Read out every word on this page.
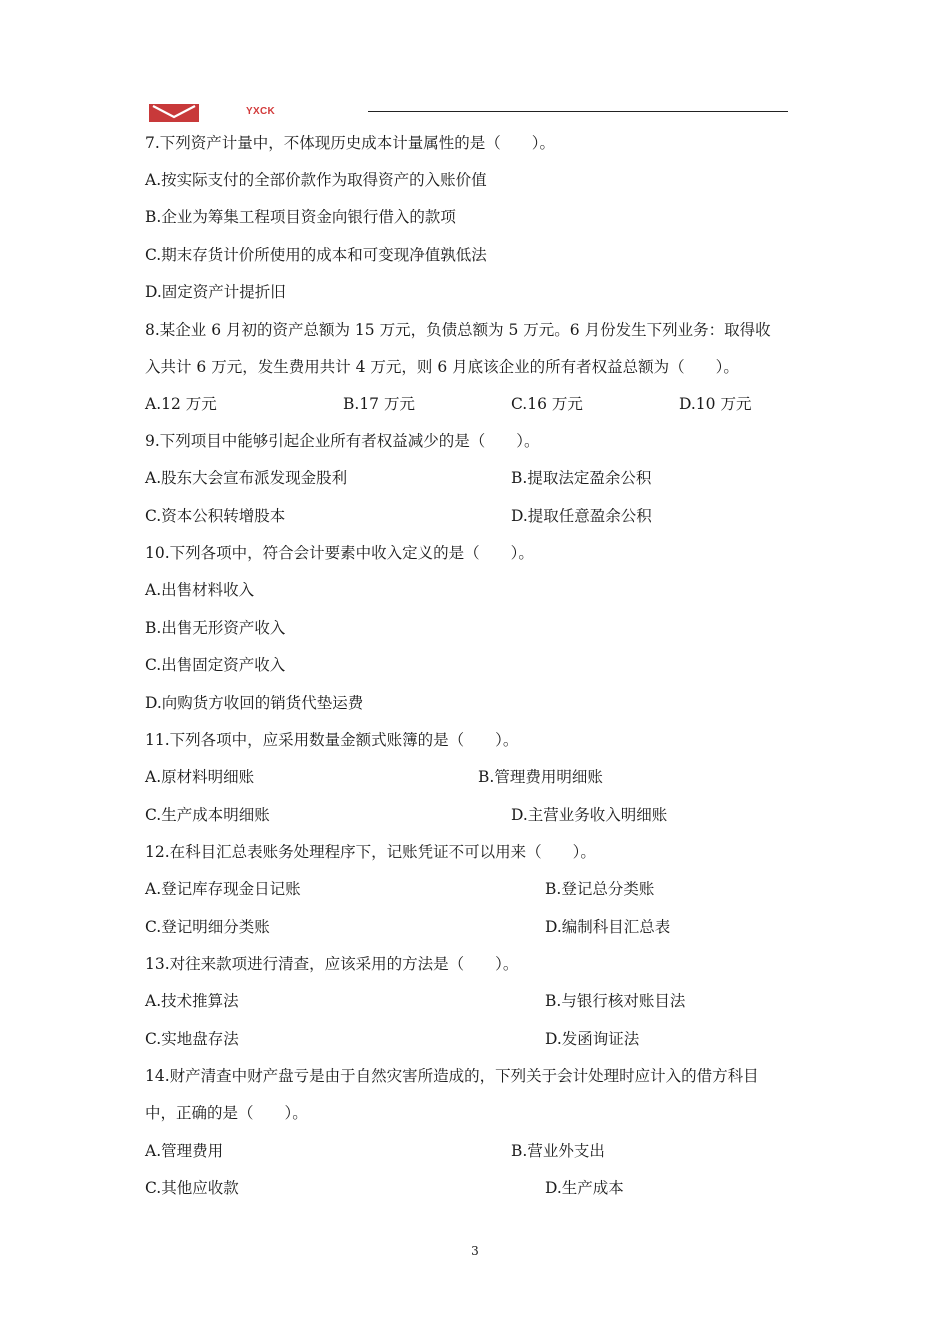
YXCK
7.下列资产计量中，不体现历史成本计量属性的是（　　）。
A.按实际支付的全部价款作为取得资产的入账价值
B.企业为筹集工程项目资金向银行借入的款项
C.期末存货计价所使用的成本和可变现净值孰低法
D.固定资产计提折旧
8.某企业 6 月初的资产总额为 15 万元，负债总额为 5 万元。6 月份发生下列业务：取得收
入共计 6 万元，发生费用共计 4 万元，则 6 月底该企业的所有者权益总额为（　　）。
A.12 万元	B.17 万元	C.16 万元	D.10 万元
9.下列项目中能够引起企业所有者权益减少的是（　　）。
A.股东大会宣布派发现金股利	B.提取法定盈余公积
C.资本公积转增股本	D.提取任意盈余公积
10.下列各项中，符合会计要素中收入定义的是（　　）。
A.出售材料收入
B.出售无形资产收入
C.出售固定资产收入
D.向购货方收回的销货代垫运费
11.下列各项中，应采用数量金额式账簿的是（　　）。
A.原材料明细账	B.管理费用明细账
C.生产成本明细账	D.主营业务收入明细账
12.在科目汇总表账务处理程序下，记账凭证不可以用来（　　）。
A.登记库存现金日记账	B.登记总分类账
C.登记明细分类账	D.编制科目汇总表
13.对往来款项进行清查，应该采用的方法是（　　）。
A.技术推算法	B.与银行核对账目法
C.实地盘存法	D.发函询证法
14.财产清查中财产盘亏是由于自然灾害所造成的，下列关于会计处理时应计入的借方科目
中，正确的是（　　）。
A.管理费用	B.营业外支出
C.其他应收款	D.生产成本
3
